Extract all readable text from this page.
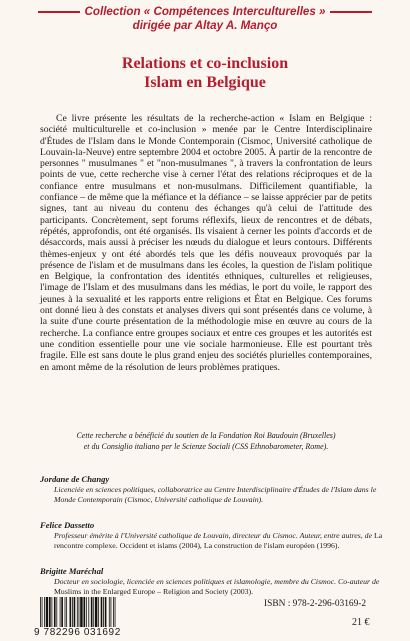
Collection « Compétences Interculturelles »
dirigée par Altay A. Manço
Relations et co-inclusion
Islam en Belgique

Ce livre présente les résultats de la recherche-action « Islam en Belgique : société multiculturelle et co-inclusion » menée par le Centre Interdisciplinaire d'Études de l'Islam dans le Monde Contemporain (Cismoc, Université catholique de Louvain-la-Neuve) entre septembre 2004 et octobre 2005. À partir de la rencontre de personnes " musulmanes " et "non-musulmanes ", à travers la confrontation de leurs points de vue, cette recherche vise à cerner l'état des relations réciproques et de la confiance entre musulmans et non-musulmans. Difficilement quantifiable, la confiance – de même que la méfiance et la défiance – se laisse apprécier par de petits signes, tant au niveau du contenu des échanges qu'à celui de l'attitude des participants. Concrètement, sept forums réflexifs, lieux de rencontres et de débats, répétés, approfondis, ont été organisés. Ils visaient à cerner les points d'accords et de désaccords, mais aussi à préciser les nœuds du dialogue et leurs contours. Différents thèmes-enjeux y ont été abordés tels que les défis nouveaux provoqués par la présence de l'islam et de musulmans dans les écoles, la question de l'islam politique en Belgique, la confrontation des identités ethniques, culturelles et religieuses, l'image de l'Islam et des musulmans dans les médias, le port du voile, le rapport des jeunes à la sexualité et les rapports entre religions et État en Belgique. Ces forums ont donné lieu à des constats et analyses divers qui sont présentés dans ce volume, à la suite d'une courte présentation de la méthodologie mise en œuvre au cours de la recherche. La confiance entre groupes sociaux et entre ces groupes et les autorités est une condition essentielle pour une vie sociale harmonieuse. Elle est pourtant très fragile. Elle est sans doute le plus grand enjeu des sociétés plurielles contemporaines, en amont même de la résolution de leurs problèmes pratiques.

Cette recherche a bénéficié du soutien de la Fondation Roi Baudouin (Bruxelles)
et du Consiglio italiano per le Scienze Sociali (CSS Ethnobarometer, Rome).
Jordane de Changy
Licenciée en sciences politiques, collaboratrice au Centre Interdisciplinaire d'Études de l'Islam dans le Monde Contemporain (Cismoc, Université catholique de Louvain).
Felice Dassetto
Professeur émérite à l'Université catholique de Louvain, directeur du Cismoc. Auteur, entre autres, de La rencontre complexe. Occident et islams (2004), La construction de l'islam européen (1996).
Brigitte Maréchal
Docteur en sociologie, licenciée en sciences politiques et islamologie, membre du Cismoc. Co-auteur de Muslims in the Enlarged Europe – Religion and Society (2003).
9 782296 031692
ISBN : 978-2-296-03169-2
21 €
